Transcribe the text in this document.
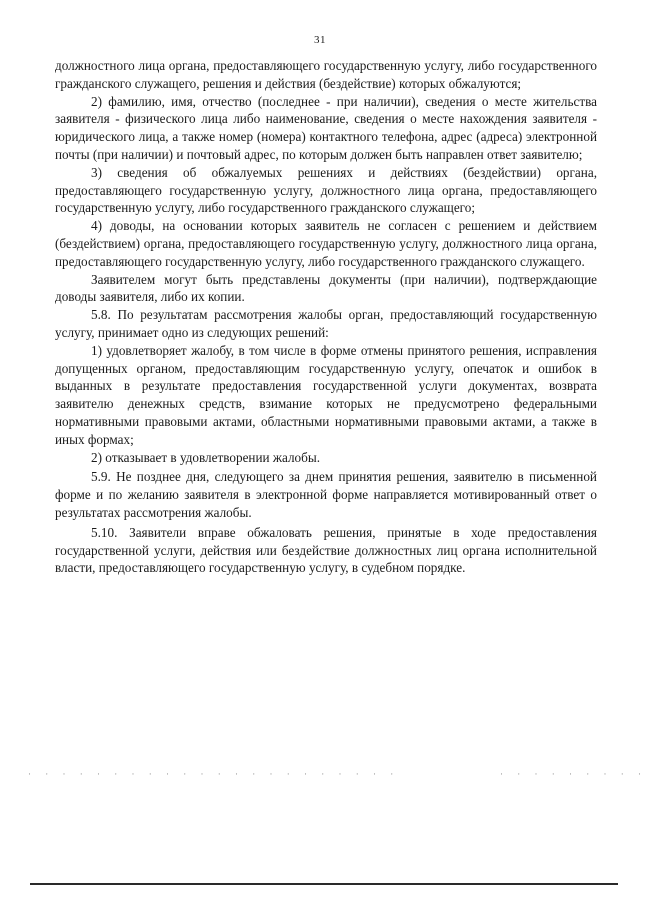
31

должностного лица органа, предоставляющего государственную услугу, либо государственного гражданского служащего, решения и действия (бездействие) которых обжалуются;

2) фамилию, имя, отчество (последнее - при наличии), сведения о месте жительства заявителя - физического лица либо наименование, сведения о месте нахождения заявителя - юридического лица, а также номер (номера) контактного телефона, адрес (адреса) электронной почты (при наличии) и почтовый адрес, по которым должен быть направлен ответ заявителю;

3) сведения об обжалуемых решениях и действиях (бездействии) органа, предоставляющего государственную услугу, должностного лица органа, предоставляющего государственную услугу, либо государственного гражданского служащего;

4) доводы, на основании которых заявитель не согласен с решением и действием (бездействием) органа, предоставляющего государственную услугу, должностного лица органа, предоставляющего государственную услугу, либо государственного гражданского служащего.

Заявителем могут быть представлены документы (при наличии), подтверждающие доводы заявителя, либо их копии.

5.8. По результатам рассмотрения жалобы орган, предоставляющий государственную услугу, принимает одно из следующих решений:

1) удовлетворяет жалобу, в том числе в форме отмены принятого решения, исправления допущенных органом, предоставляющим государственную услугу, опечаток и ошибок в выданных в результате предоставления государственной услуги документах, возврата заявителю денежных средств, взимание которых не предусмотрено федеральными нормативными правовыми актами, областными нормативными правовыми актами, а также в иных формах;

2) отказывает в удовлетворении жалобы.

5.9. Не позднее дня, следующего за днем принятия решения, заявителю в письменной форме и по желанию заявителя в электронной форме направляется мотивированный ответ о результатах рассмотрения жалобы.

5.10. Заявители вправе обжаловать решения, принятые в ходе предоставления государственной услуги, действия или бездействие должностных лиц органа исполнительной власти, предоставляющего государственную услугу, в судебном порядке.

· · · · · · · · · · · · · · · · · · · · · ·	· · · · · · · · ·
